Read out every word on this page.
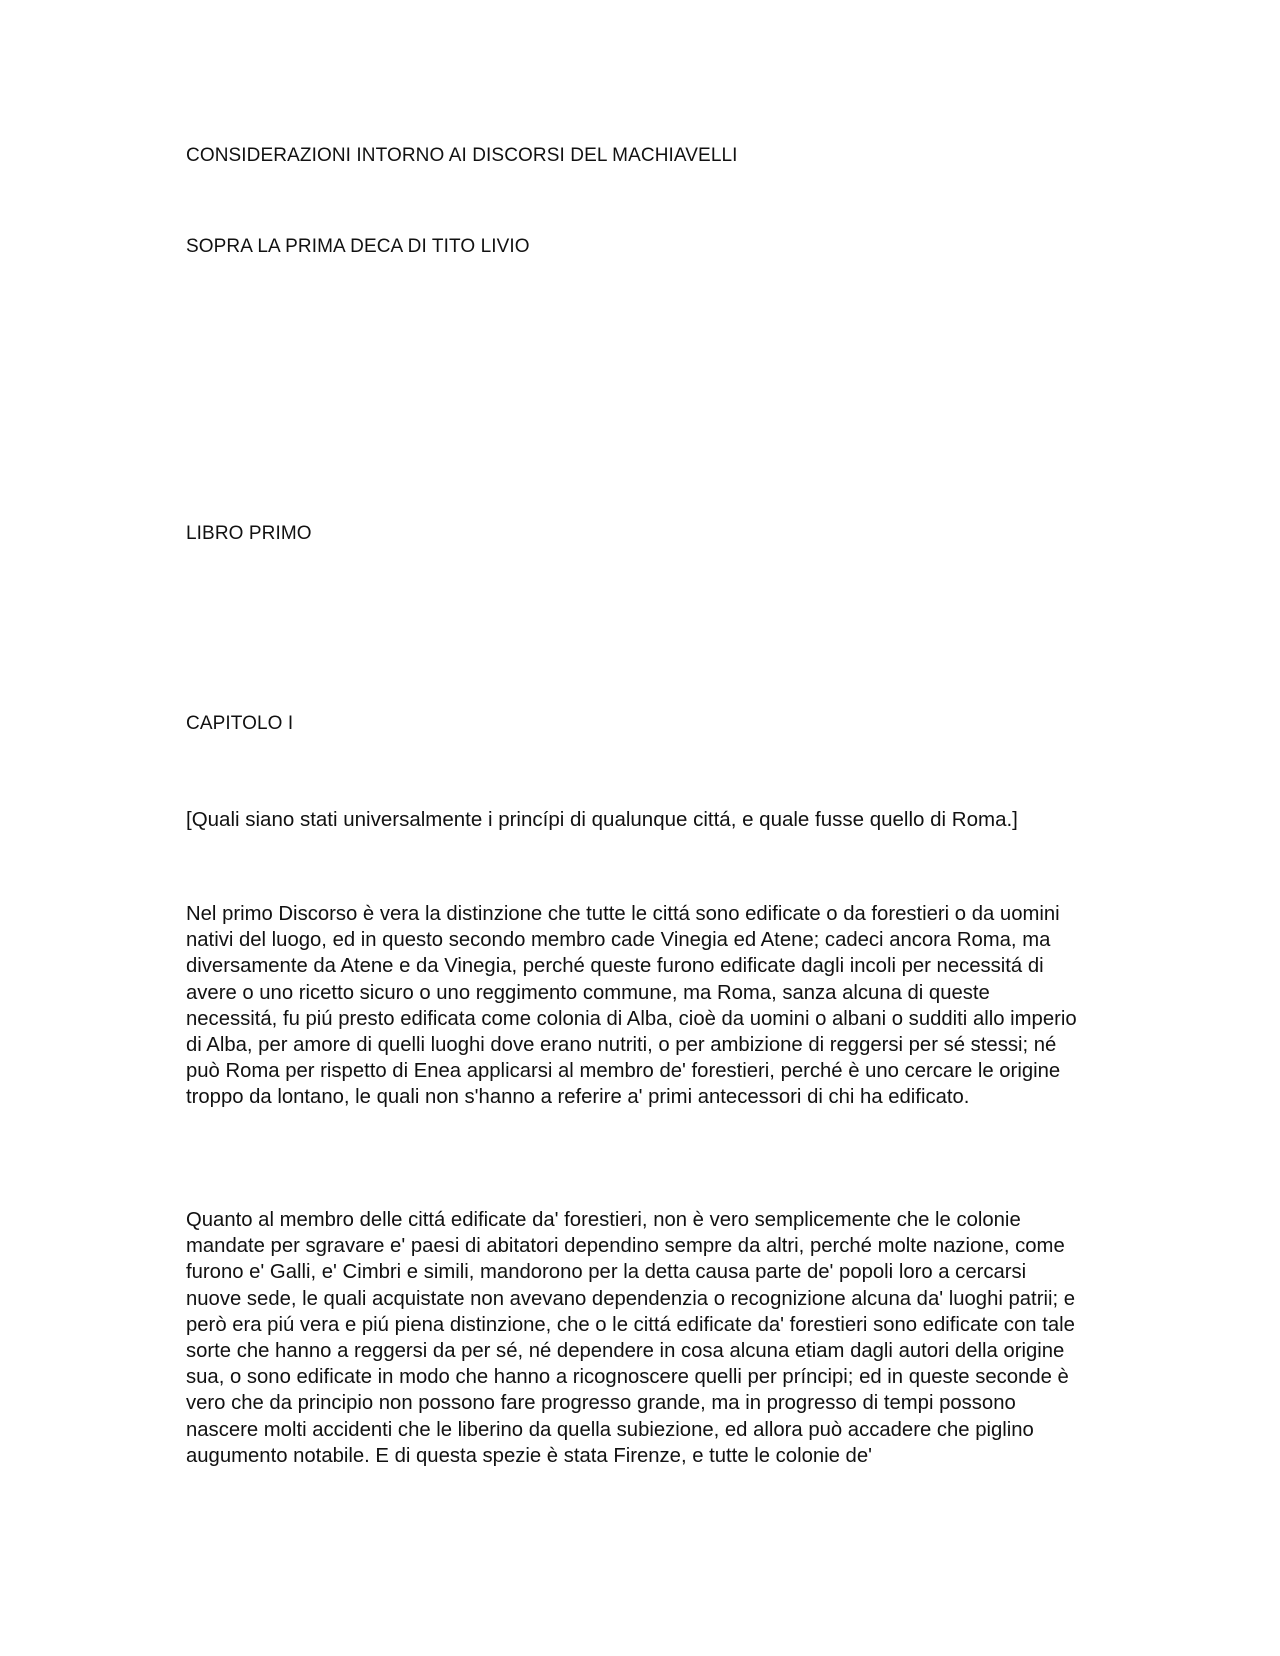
CONSIDERAZIONI INTORNO AI DISCORSI DEL MACHIAVELLI

SOPRA LA PRIMA DECA DI TITO LIVIO

LIBRO PRIMO

CAPITOLO I

[Quali siano stati universalmente i princípi di qualunque cittá, e quale fusse quello di Roma.]

Nel primo Discorso è vera la distinzione che tutte le cittá sono edificate o da forestieri o da uomini nativi del luogo, ed in questo secondo membro cade Vinegia ed Atene; cadeci ancora Roma, ma diversamente da Atene e da Vinegia, perché queste furono edificate dagli incoli per necessitá di avere o uno ricetto sicuro o uno reggimento commune, ma Roma, sanza alcuna di queste necessitá, fu piú presto edificata come colonia di Alba, cioè da uomini o albani o sudditi allo imperio di Alba, per amore di quelli luoghi dove erano nutriti, o per ambizione di reggersi per sé stessi; né può Roma per rispetto di Enea applicarsi al membro de' forestieri, perché è uno cercare le origine troppo da lontano, le quali non s'hanno a referire a' primi antecessori di chi ha edificato.

Quanto al membro delle cittá edificate da' forestieri, non è vero semplicemente che le colonie mandate per sgravare e' paesi di abitatori dependino sempre da altri, perché molte nazione, come furono e' Galli, e' Cimbri e simili, mandorono per la detta causa parte de' popoli loro a cercarsi nuove sede, le quali acquistate non avevano dependenzia o recognizione alcuna da' luoghi patrii; e però era piú vera e piú piena distinzione, che o le cittá edificate da' forestieri sono edificate con tale sorte che hanno a reggersi da per sé, né dependere in cosa alcuna etiam dagli autori della origine sua, o sono edificate in modo che hanno a ricognoscere quelli per príncipi; ed in queste seconde è vero che da principio non possono fare progresso grande, ma in progresso di tempi possono nascere molti accidenti che le liberino da quella subiezione, ed allora può accadere che piglino augumento notabile. E di questa spezie è stata Firenze, e tutte le colonie de'
